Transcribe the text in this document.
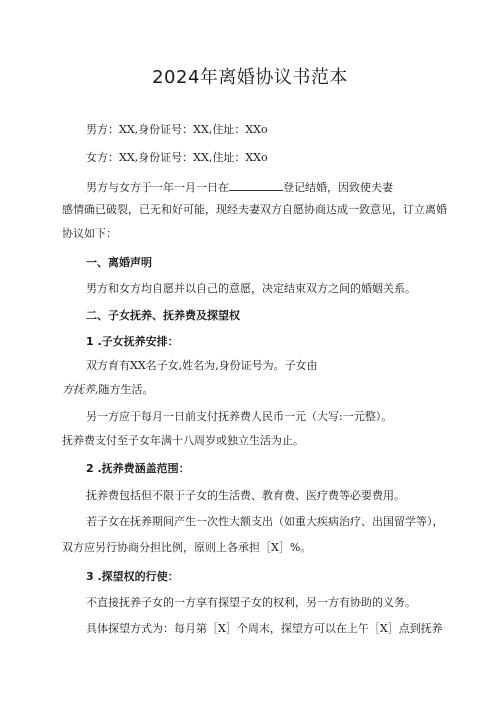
2024年离婚协议书范本
男方：XX,身份证号：XX,住址：XXo
女方：XX,身份证号：XX,住址：XXo
男方与女方于一年一月一日在	登记结婚，因致使夫妻
感情确已破裂，已无和好可能，现经夫妻双方自愿协商达成一致意见，订立离婚
协议如下：
一、离婚声明
男方和女方均自愿并以自己的意愿，决定结束双方之间的婚姻关系。
二、子女抚养、抚养费及探望权
1 .子女抚养安排：
双方育有XX名子女,姓名为,身份证号为。子女由
方抚养,随方生活。
另一方应于每月一日前支付抚养费人民币一元（大写:一元整）。
抚养费支付至子女年满十八周岁或独立生活为止。
2 .抚养费涵盖范围：
抚养费包括但不限于子女的生活费、教育费、医疗费等必要费用。
若子女在抚养期间产生一次性大额支出（如重大疾病治疗、出国留学等），
双方应另行协商分担比例，原则上各承担［X］%。
3 .探望权的行使：
不直接抚养子女的一方享有探望子女的权利，另一方有协助的义务。
具体探望方式为：每月第［X］个周末，探望方可以在上午［X］点到抚养
